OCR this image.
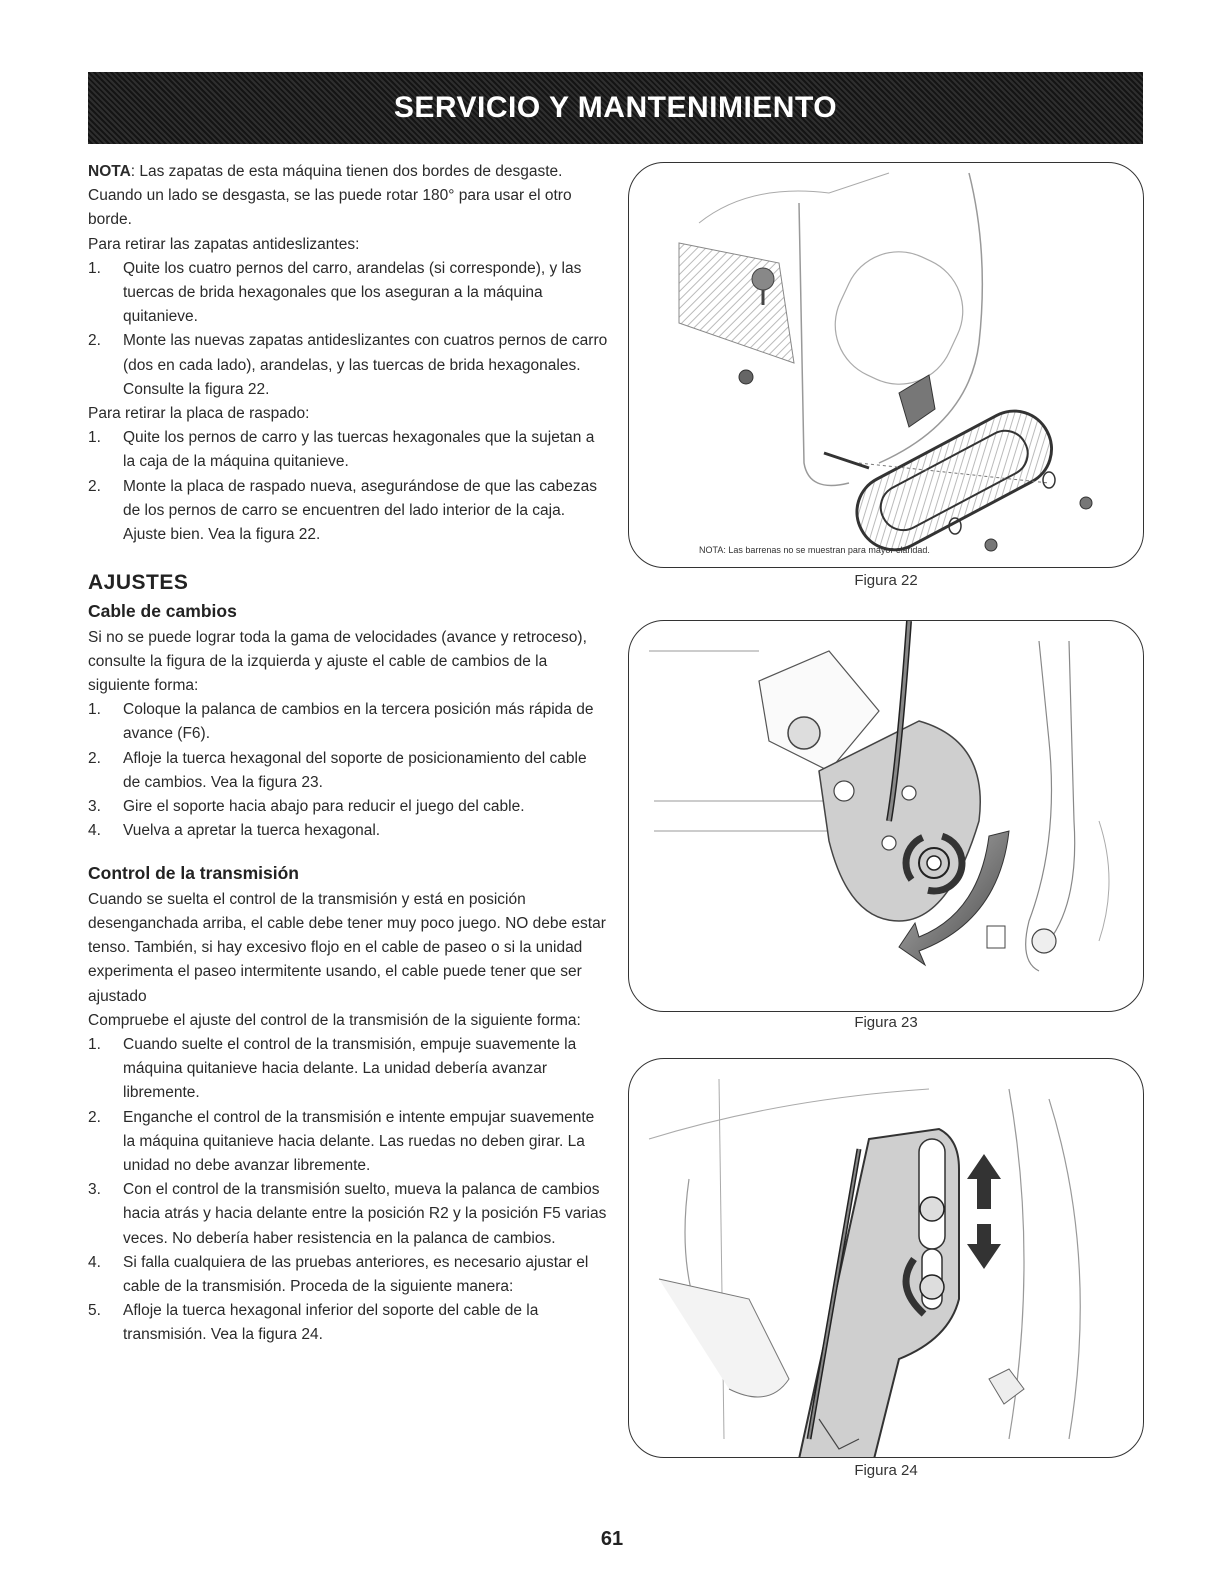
SERVICIO Y MANTENIMIENTO

NOTA: Las zapatas de esta máquina tienen dos bordes de desgaste. Cuando un lado se desgasta, se las puede rotar 180° para usar el otro borde.

Para retirar las zapatas antideslizantes:

1. Quite los cuatro pernos del carro, arandelas (si corresponde), y las tuercas de brida hexagonales que los aseguran a la máquina quitanieve.
2. Monte las nuevas zapatas antideslizantes con cuatros pernos de carro (dos en cada lado), arandelas, y las tuercas de brida hexagonales. Consulte la figura 22.

Para retirar la placa de raspado:

1. Quite los pernos de carro y las tuercas hexagonales que la sujetan a la caja de la máquina quitanieve.
2. Monte la placa de raspado nueva, asegurándose de que las cabezas de los pernos de carro se encuentren del lado interior de la caja. Ajuste bien. Vea la figura 22.
AJUSTES
Cable de cambios

Si no se puede lograr toda la gama de velocidades (avance y retroceso), consulte la figura de la izquierda y ajuste el cable de cambios de la siguiente forma:

1. Coloque la palanca de cambios en la tercera posición más rápida de avance (F6).
2. Afloje la tuerca hexagonal del soporte de posicionamiento del cable de cambios. Vea la figura 23.
3. Gire el soporte hacia abajo para reducir el juego del cable.
4. Vuelva a apretar la tuerca hexagonal.
Control de la transmisión

Cuando se suelta el control de la transmisión y está en posición desenganchada arriba, el cable debe tener muy poco juego. NO debe estar tenso. También, si hay excesivo flojo en el cable de paseo o si la unidad experimenta el paseo intermitente usando, el cable puede tener que ser ajustado

Compruebe el ajuste del control de la transmisión de la siguiente forma:

1. Cuando suelte el control de la transmisión, empuje suavemente la máquina quitanieve hacia delante. La unidad debería avanzar libremente.
2. Enganche el control de la transmisión e intente empujar suavemente la máquina quitanieve hacia delante. Las ruedas no deben girar. La unidad no debe avanzar libremente.
3. Con el control de la transmisión suelto, mueva la palanca de cambios hacia atrás y hacia delante entre la posición R2 y la posición F5 varias veces. No debería haber resistencia en la palanca de cambios.
4. Si falla cualquiera de las pruebas anteriores, es necesario ajustar el cable de la transmisión. Proceda de la siguiente manera:
5. Afloje la tuerca hexagonal inferior del soporte del cable de la transmisión. Vea la figura 24.
NOTA: Las barrenas no se muestran para mayor claridad.
Figura 22
Figura 23
Figura 24
61
